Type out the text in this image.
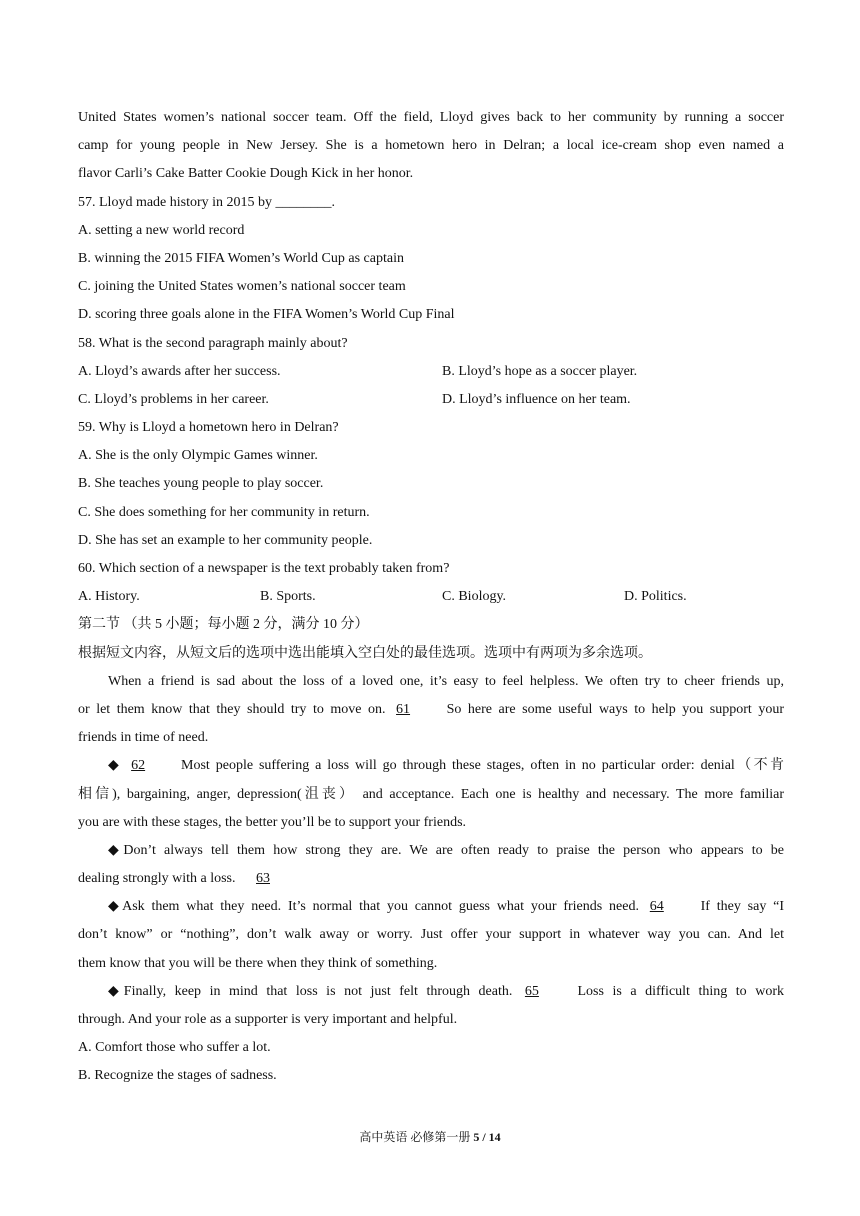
United States women’s national soccer team. Off the field, Lloyd gives back to her community by running a soccer
camp for young people in New Jersey. She is a hometown hero in Delran; a local ice-cream shop even named a
flavor Carli’s Cake Batter Cookie Dough Kick in her honor.
57. Lloyd made history in 2015 by ________.
A. setting a new world record
B. winning the 2015 FIFA Women’s World Cup as captain
C. joining the United States women’s national soccer team
D. scoring three goals alone in the FIFA Women’s World Cup Final
58. What is the second paragraph mainly about?
A. Lloyd’s awards after her success.	B. Lloyd’s hope as a soccer player.
C. Lloyd’s problems in her career.	D. Lloyd’s influence on her team.
59. Why is Lloyd a hometown hero in Delran?
A. She is the only Olympic Games winner.
B. She teaches young people to play soccer.
C. She does something for her community in return.
D. She has set an example to her community people.
60. Which section of a newspaper is the text probably taken from?
A. History.	B. Sports.	C. Biology.	D. Politics.
第二节 （共 5 小题；每小题 2 分，满分 10 分）
根据短文内容，从短文后的选项中选出能填入空白处的最佳选项。选项中有两项为多余选项。
When a friend is sad about the loss of a loved one, it’s easy to feel helpless. We often try to cheer friends up,
or let them know that they should try to move on. 61	So here are some useful ways to help you support your
friends in time of need.
◆ 62	Most people suffering a loss will go through these stages, often in no particular order: denial（不肯
相信), bargaining, anger, depression(沮丧） and acceptance. Each one is healthy and necessary. The more familiar
you are with these stages, the better you’ll be to support your friends.
◆Don’t always tell them how strong they are. We are often ready to praise the person who appears to be
dealing strongly with a loss. 63
◆Ask them what they need. It’s normal that you cannot guess what your friends need. 64	If they say “I
don’t know” or “nothing”, don’t walk away or worry. Just offer your support in whatever way you can. And let
them know that you will be there when they think of something.
◆Finally, keep in mind that loss is not just felt through death. 65	Loss is a difficult thing to work
through. And your role as a supporter is very important and helpful.
A. Comfort those who suffer a lot.
B. Recognize the stages of sadness.
高中英语 必修第一册 5 / 14
